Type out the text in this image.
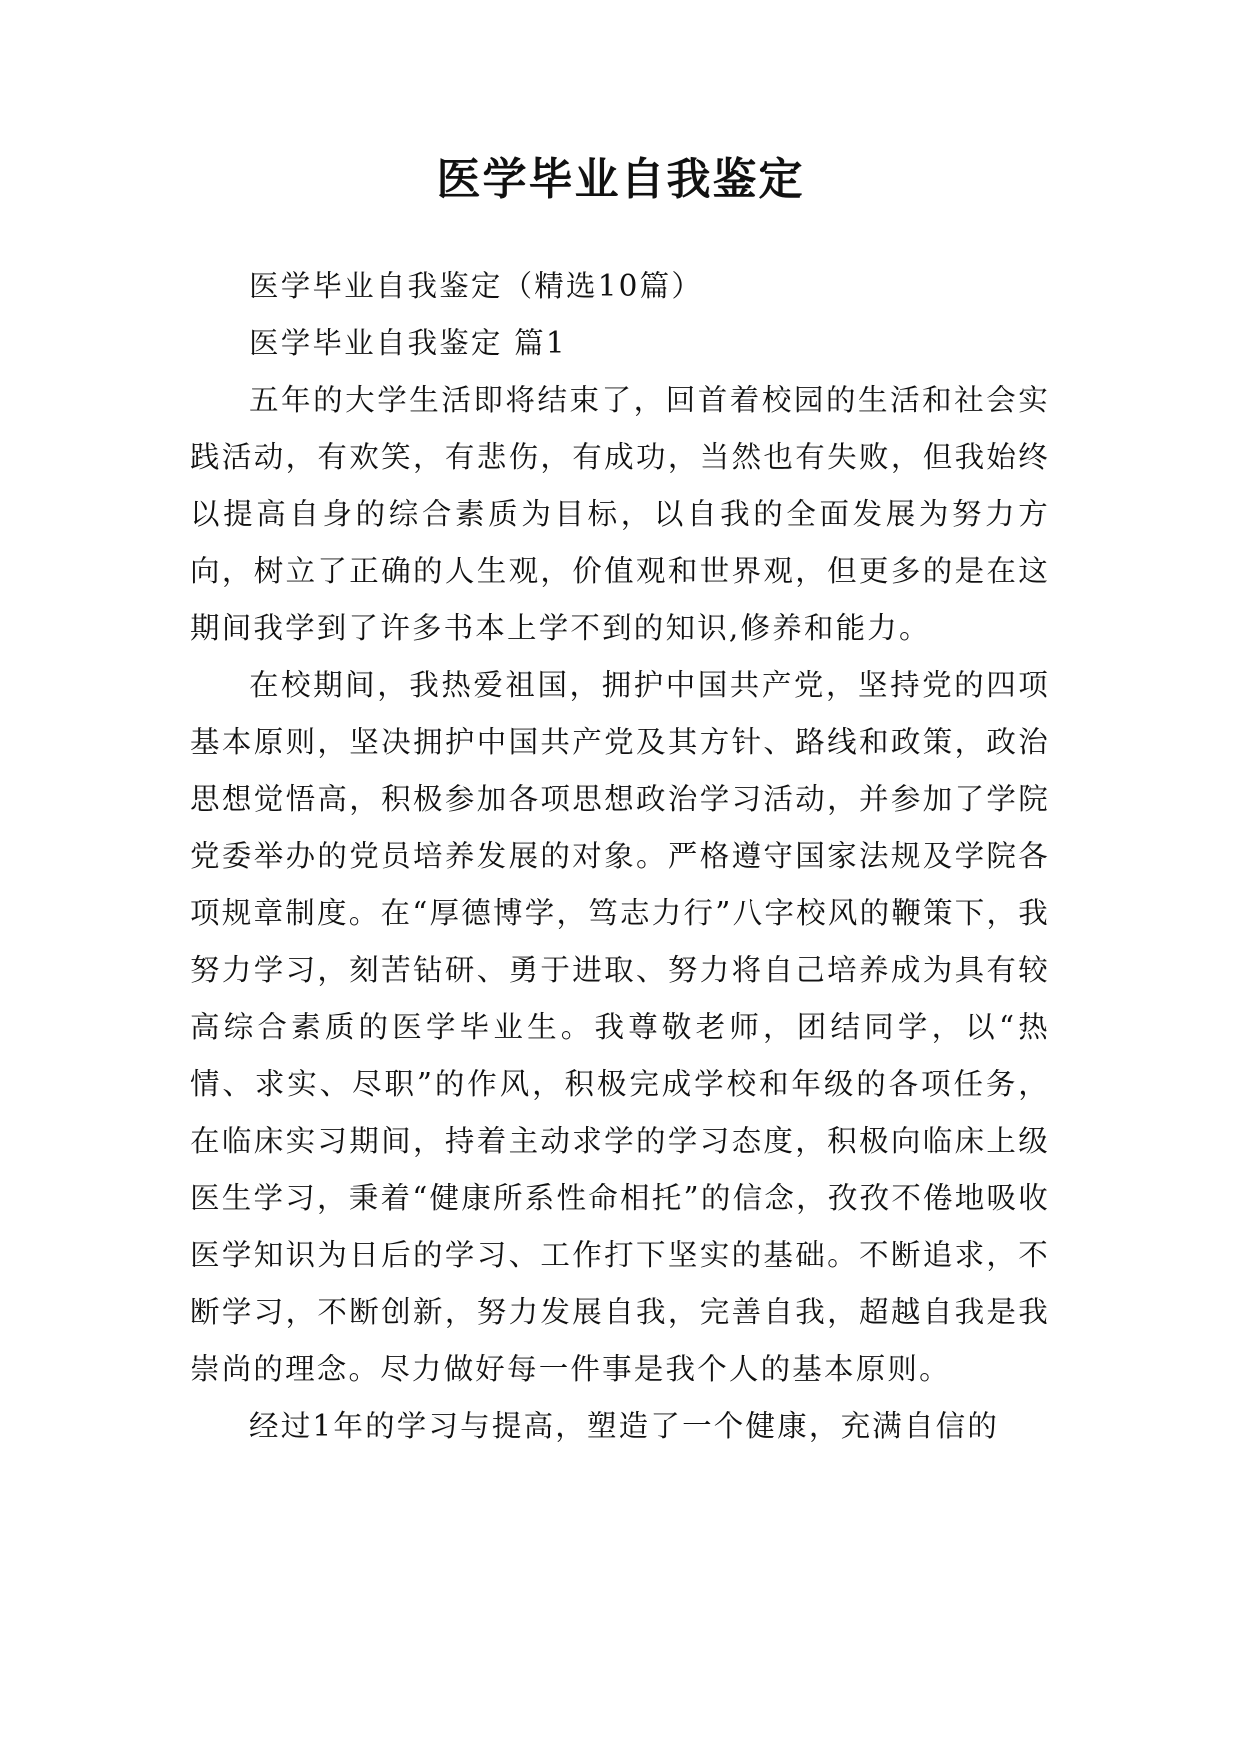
医学毕业自我鉴定

医学毕业自我鉴定（精选10篇）

医学毕业自我鉴定 篇1

五年的大学生活即将结束了，回首着校园的生活和社会实践活动，有欢笑，有悲伤，有成功，当然也有失败，但我始终以提高自身的综合素质为目标，以自我的全面发展为努力方向，树立了正确的人生观，价值观和世界观，但更多的是在这期间我学到了许多书本上学不到的知识,修养和能力。

在校期间，我热爱祖国，拥护中国共产党，坚持党的四项基本原则，坚决拥护中国共产党及其方针、路线和政策，政治思想觉悟高，积极参加各项思想政治学习活动，并参加了学院党委举办的党员培养发展的对象。严格遵守国家法规及学院各项规章制度。在“厚德博学，笃志力行”八字校风的鞭策下，我努力学习，刻苦钻研、勇于进取、努力将自己培养成为具有较高综合素质的医学毕业生。我尊敬老师，团结同学，以“热情、求实、尽职”的作风，积极完成学校和年级的各项任务，在临床实习期间，持着主动求学的学习态度，积极向临床上级医生学习，秉着“健康所系性命相托”的信念，孜孜不倦地吸收医学知识为日后的学习、工作打下坚实的基础。不断追求，不断学习，不断创新，努力发展自我，完善自我，超越自我是我崇尚的理念。尽力做好每一件事是我个人的基本原则。

经过1年的学习与提高，塑造了一个健康，充满自信的
